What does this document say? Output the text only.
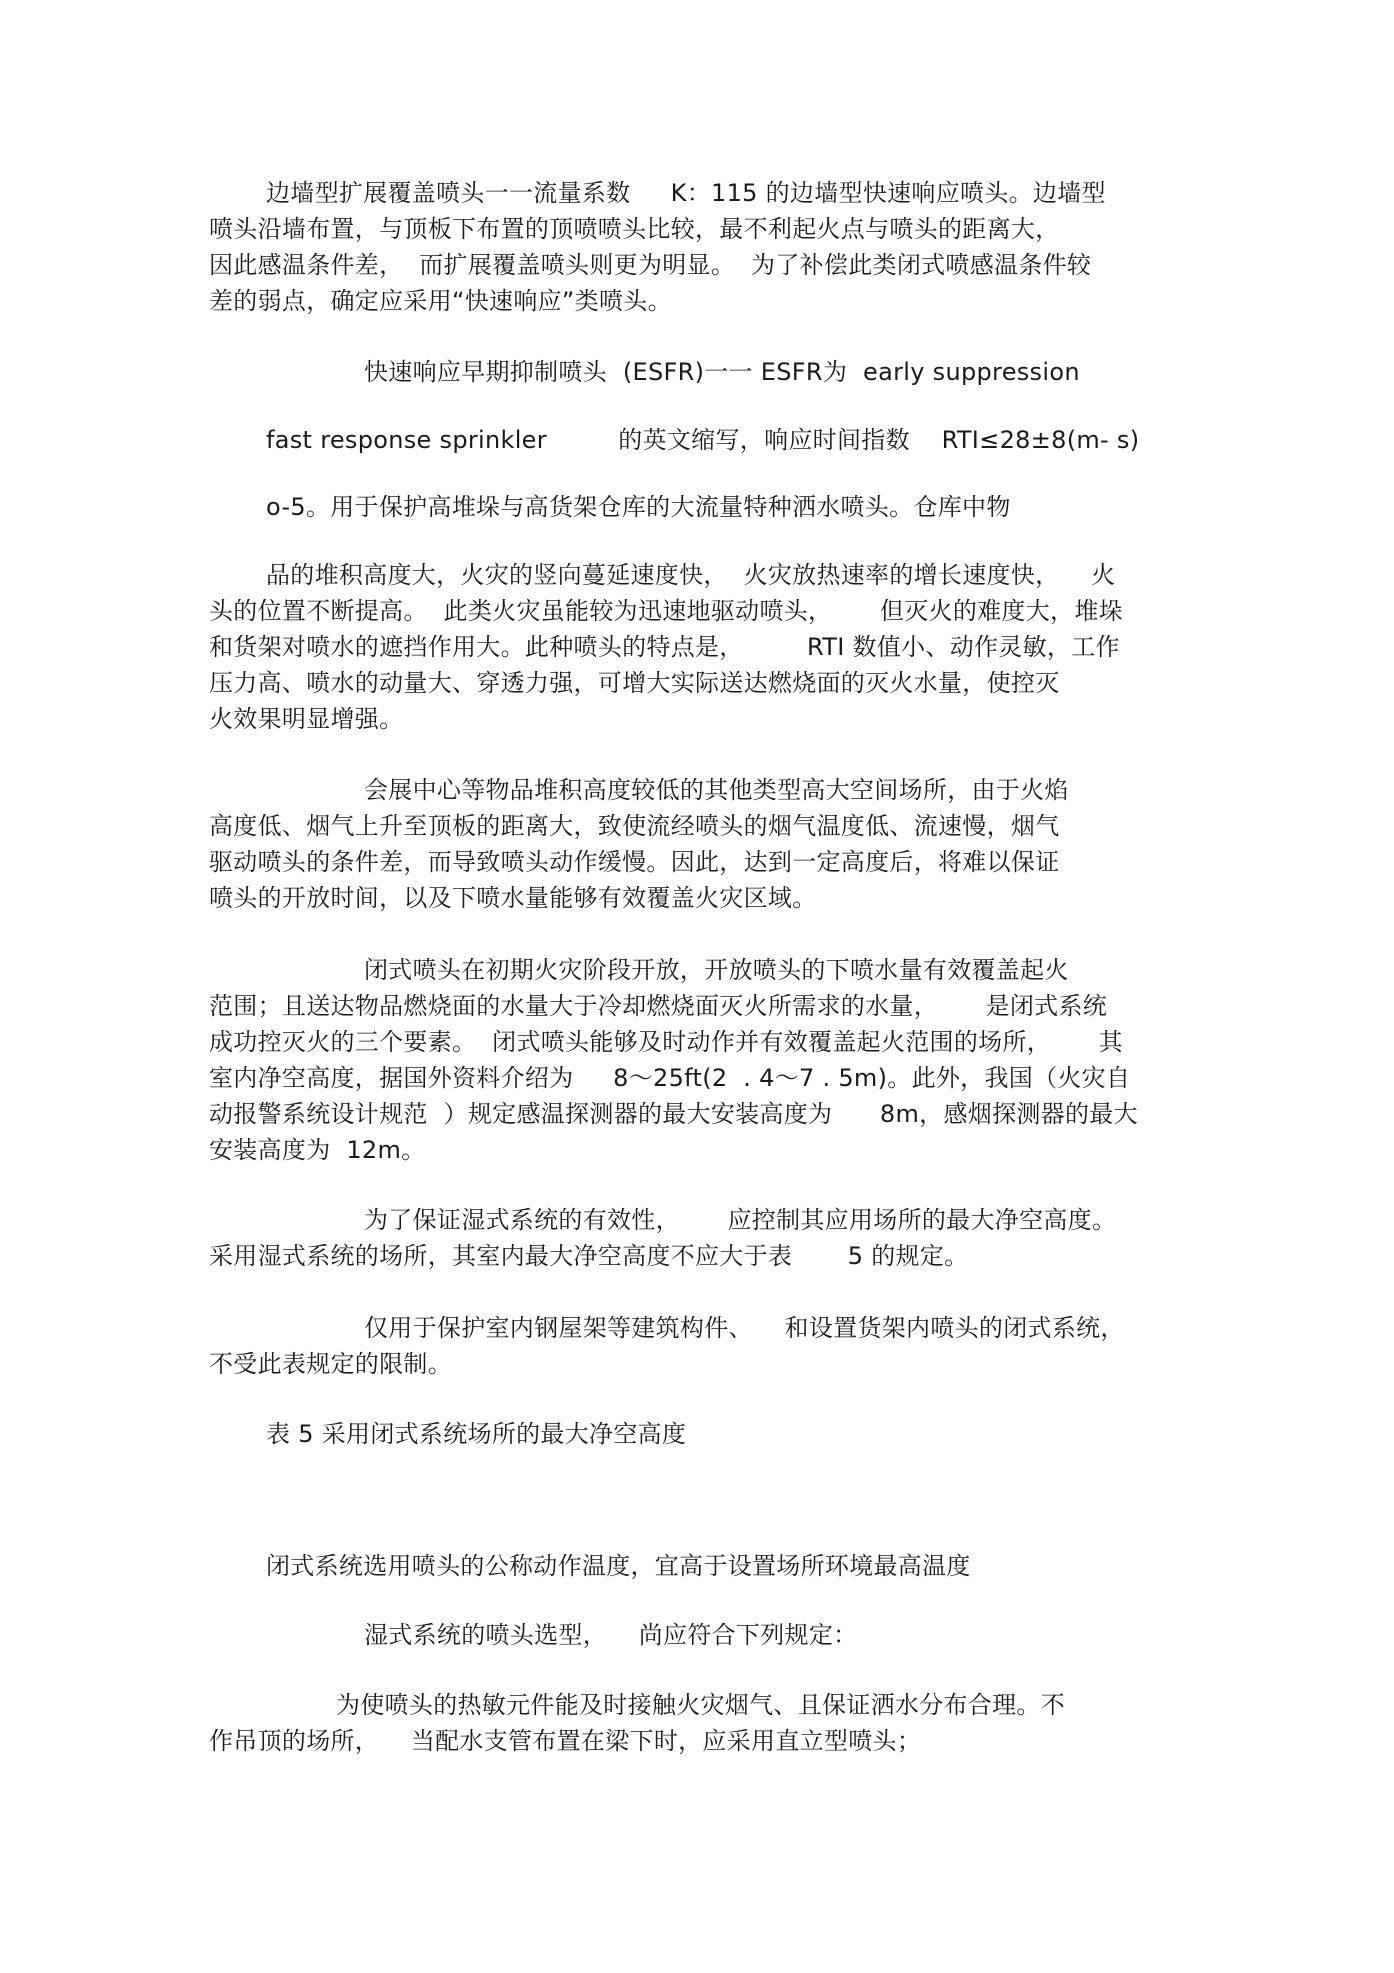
边墙型扩展覆盖喷头一一流量系数　  K：115 的边墙型快速响应喷头。边墙型
喷头沿墙布置，与顶板下布置的顶喷喷头比较，最不利起火点与喷头的距离大，
因此感温条件差，  而扩展覆盖喷头则更为明显。  为了补偿此类闭式喷感温条件较
差的弱点，确定应采用“快速响应”类喷头。
快速响应早期抑制喷头  (ESFR)一一 ESFR为  early suppression
fast response sprinkler         的英文缩写，响应时间指数    RTI≤28±8(m- s)
o-5。用于保护高堆垛与高货架仓库的大流量特种洒水喷头。仓库中物
品的堆积高度大，火灾的竖向蔓延速度快，  火灾放热速率的增长速度快，    火
头的位置不断提高。  此类火灾虽能较为迅速地驱动喷头，      但灭火的难度大，堆垛
和货架对喷水的遮挡作用大。此种喷头的特点是，        RTI 数值小、动作灵敏，工作
压力高、喷水的动量大、穿透力强，可增大实际送达燃烧面的灭火水量，使控灭
火效果明显增强。
会展中心等物品堆积高度较低的其他类型高大空间场所，由于火焰
高度低、烟气上升至顶板的距离大，致使流经喷头的烟气温度低、流速慢，烟气
驱动喷头的条件差，而导致喷头动作缓慢。因此，达到一定高度后，将难以保证
喷头的开放时间，以及下喷水量能够有效覆盖火灾区域。
闭式喷头在初期火灾阶段开放，开放喷头的下喷水量有效覆盖起火
范围；且送达物品燃烧面的水量大于冷却燃烧面灭火所需求的水量，      是闭式系统
成功控灭火的三个要素。  闭式喷头能够及时动作并有效覆盖起火范围的场所，      其
室内净空高度，据国外资料介绍为     8～25ft(2  . 4～7 . 5m)。此外，我国（火灾自
动报警系统设计规范  ）规定感温探测器的最大安装高度为      8m，感烟探测器的最大
安装高度为  12m。
为了保证湿式系统的有效性，      应控制其应用场所的最大净空高度。
采用湿式系统的场所，其室内最大净空高度不应大于表       5 的规定。
仅用于保护室内钢屋架等建筑构件、    和设置货架内喷头的闭式系统，
不受此表规定的限制。
表 5 采用闭式系统场所的最大净空高度
闭式系统选用喷头的公称动作温度，宜高于设置场所环境最高温度
湿式系统的喷头选型，    尚应符合下列规定：
为使喷头的热敏元件能及时接触火灾烟气、且保证洒水分布合理。不
作吊顶的场所，    当配水支管布置在梁下时，应采用直立型喷头；
